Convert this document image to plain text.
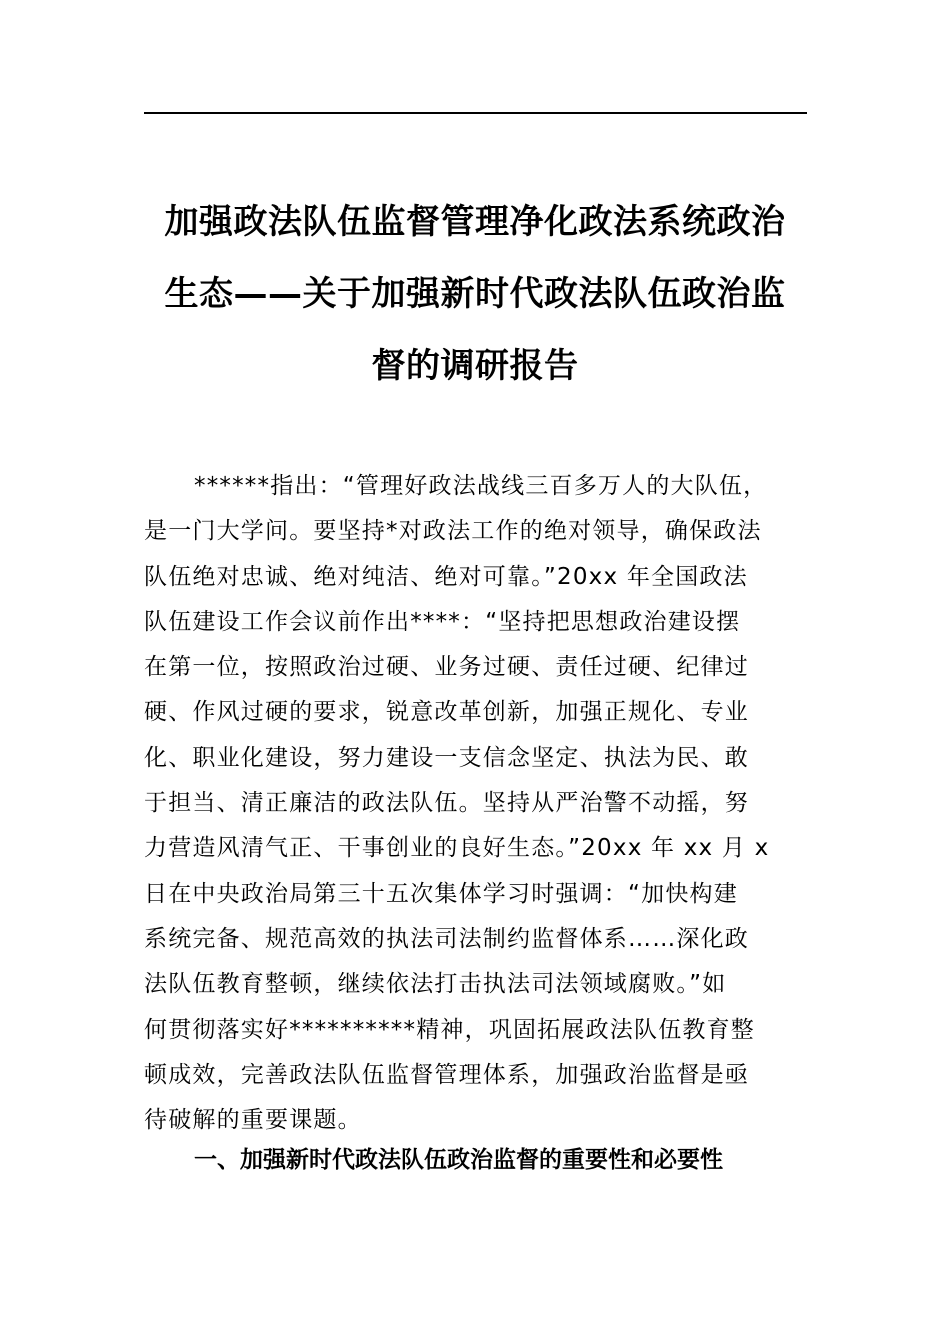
加强政法队伍监督管理净化政法系统政治
生态——关于加强新时代政法队伍政治监
督的调研报告

******指出：“管理好政法战线三百多万人的大队伍，
是一门大学问。要坚持*对政法工作的绝对领导，确保政法
队伍绝对忠诚、绝对纯洁、绝对可靠。”20xx 年全国政法
队伍建设工作会议前作出****：“坚持把思想政治建设摆
在第一位，按照政治过硬、业务过硬、责任过硬、纪律过
硬、作风过硬的要求，锐意改革创新，加强正规化、专业
化、职业化建设，努力建设一支信念坚定、执法为民、敢
于担当、清正廉洁的政法队伍。坚持从严治警不动摇，努
力营造风清气正、干事创业的良好生态。”20xx 年 xx 月 x
日在中央政治局第三十五次集体学习时强调：“加快构建
系统完备、规范高效的执法司法制约监督体系……深化政
法队伍教育整顿，继续依法打击执法司法领域腐败。”如
何贯彻落实好**********精神，巩固拓展政法队伍教育整
顿成效，完善政法队伍监督管理体系，加强政治监督是亟
待破解的重要课题。

一、加强新时代政法队伍政治监督的重要性和必要性
